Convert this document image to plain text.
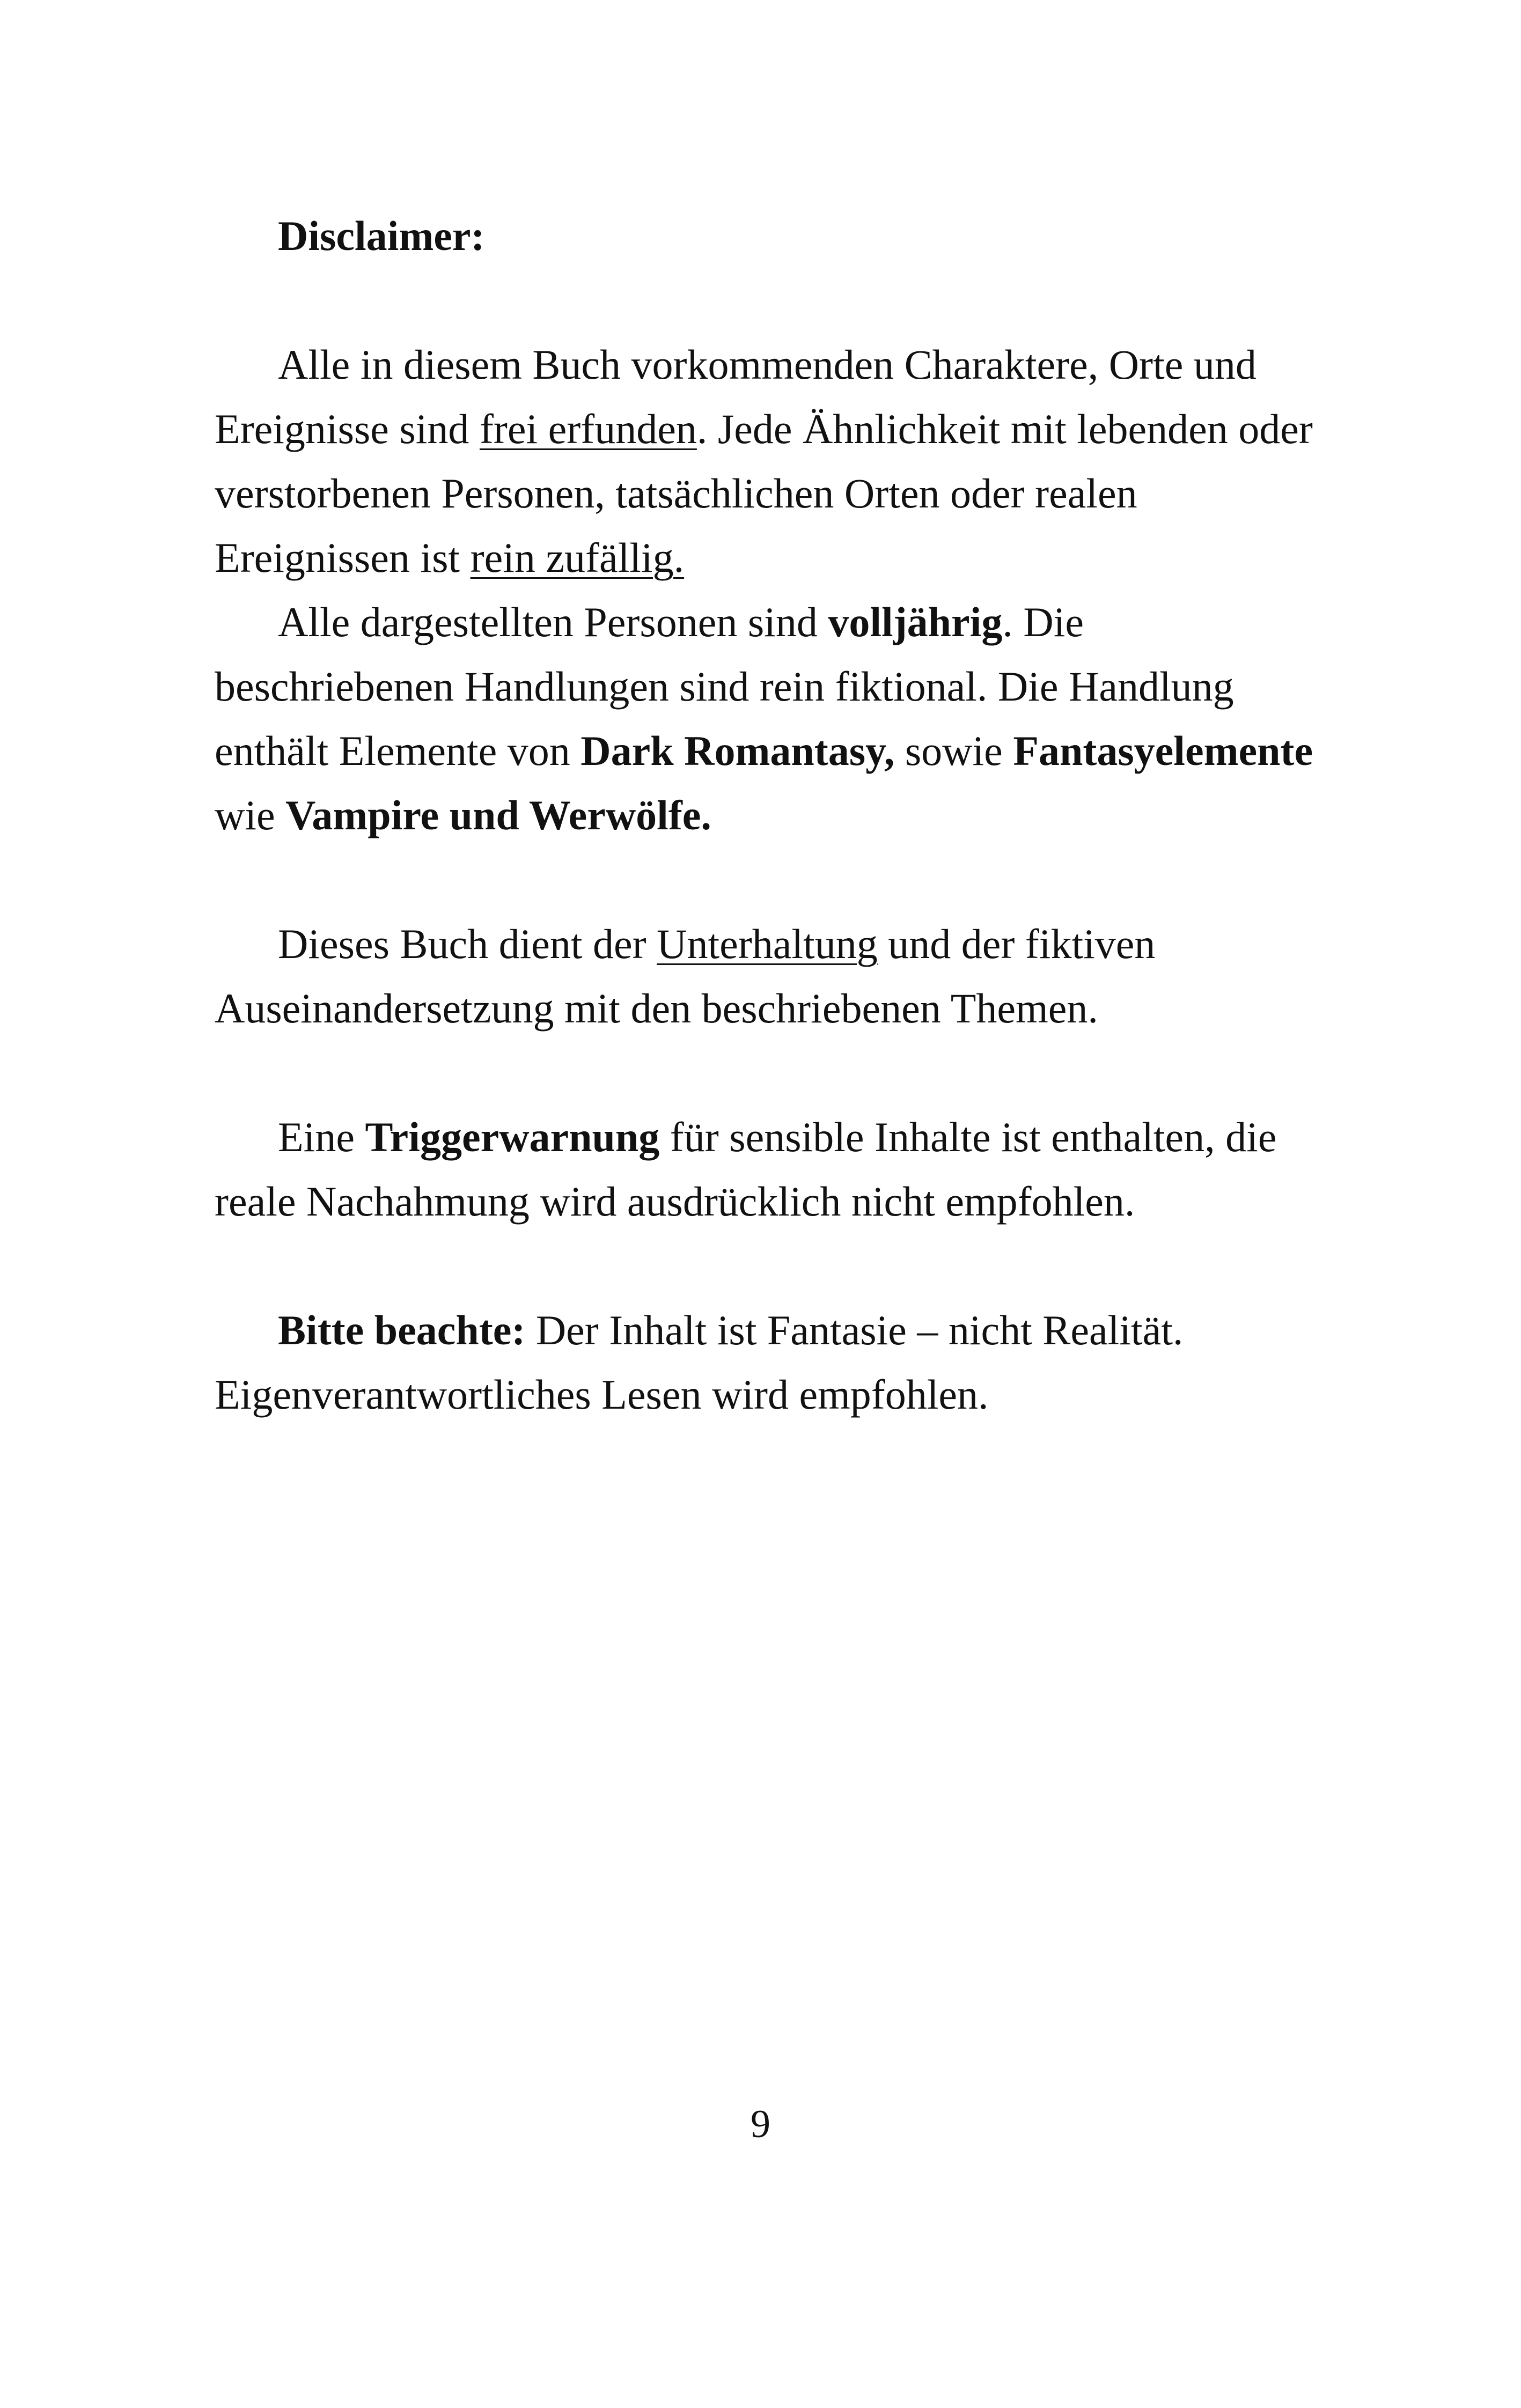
Disclaimer:

Alle in diesem Buch vorkommenden Charaktere, Orte und Ereignisse sind frei erfunden. Jede Ähnlichkeit mit lebenden oder verstorbenen Personen, tatsächlichen Orten oder realen Ereignissen ist rein zufällig.

Alle dargestellten Personen sind volljährig. Die beschriebenen Handlungen sind rein fiktional. Die Handlung enthält Elemente von Dark Romantasy, sowie Fantasyelemente wie Vampire und Werwölfe.

Dieses Buch dient der Unterhaltung und der fiktiven Auseinandersetzung mit den beschriebenen Themen.

Eine Triggerwarnung für sensible Inhalte ist enthalten, die reale Nachahmung wird ausdrücklich nicht empfohlen.

Bitte beachte: Der Inhalt ist Fantasie – nicht Realität. Eigenverantwortliches Lesen wird empfohlen.

9
